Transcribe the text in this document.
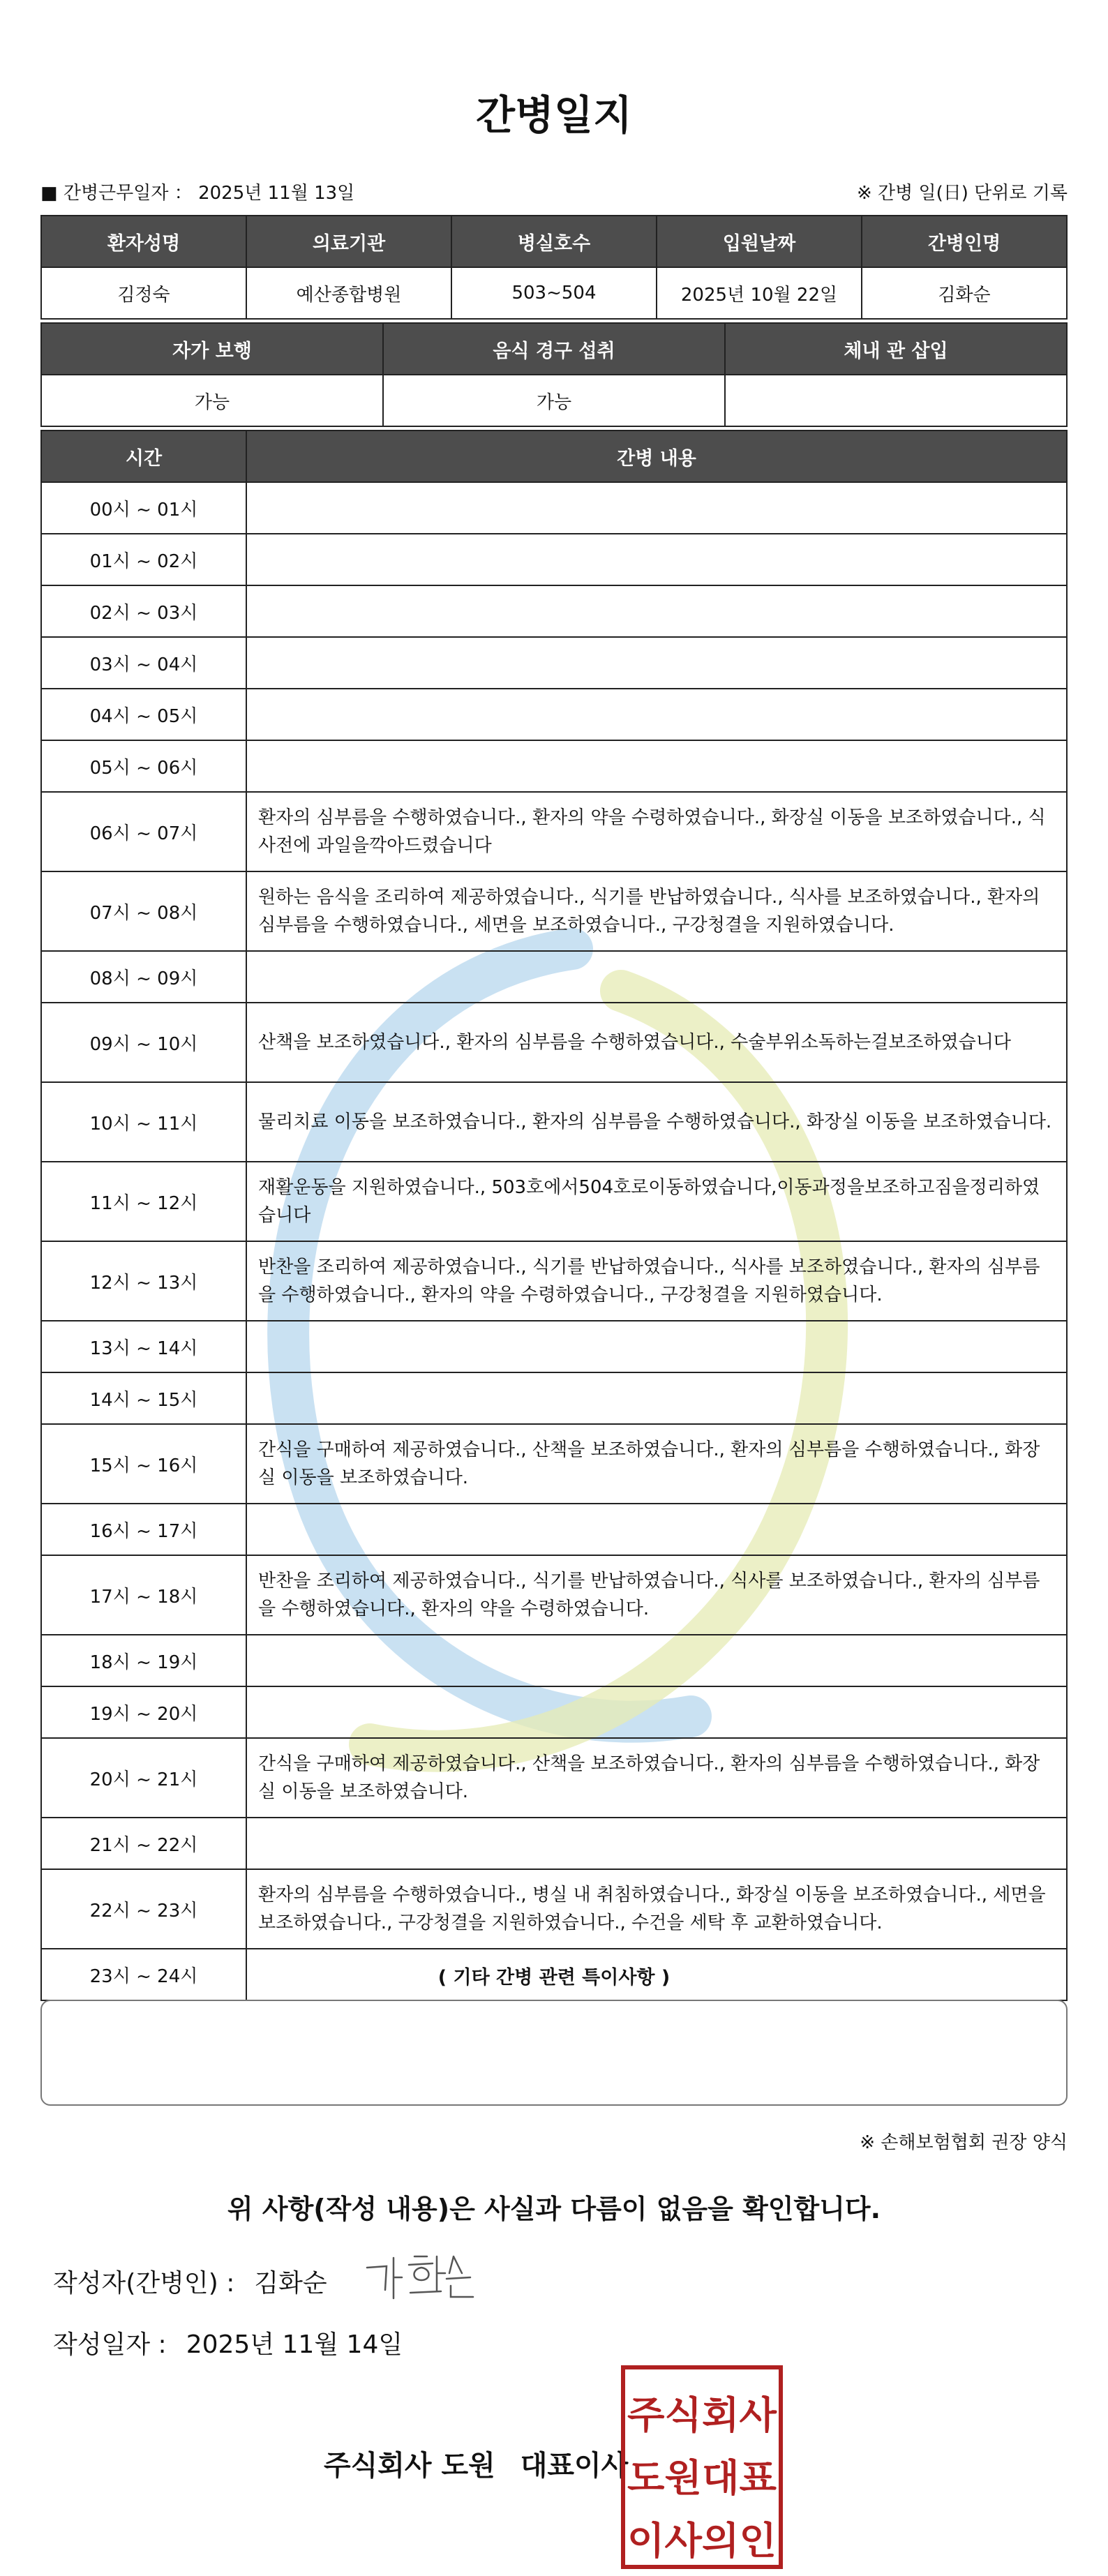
간병일지
■ 간병근무일자 ： 2025년 11월 13일	※ 간병 일(日) 단위로 기록
환자성명	의료기관	병실호수	입원날짜	간병인명
김정숙	예산종합병원	503~504	2025년 10월 22일	김화순
자가 보행	음식 경구 섭취	체내 관 삽입
가능	가능	
시간	간병 내용
00시 ~ 01시	
01시 ~ 02시	
02시 ~ 03시	
03시 ~ 04시	
04시 ~ 05시	
05시 ~ 06시	
06시 ~ 07시	환자의 심부름을 수행하였습니다., 환자의 약을 수령하였습니다., 화장실 이동을 보조하였습니다., 식사전에 과일을깍아드렸습니다
07시 ~ 08시	원하는 음식을 조리하여 제공하였습니다., 식기를 반납하였습니다., 식사를 보조하였습니다., 환자의 심부름을 수행하였습니다., 세면을 보조하였습니다., 구강청결을 지원하였습니다.
08시 ~ 09시	
09시 ~ 10시	산책을 보조하였습니다., 환자의 심부름을 수행하였습니다., 수술부위소독하는걸보조하였습니다
10시 ~ 11시	물리치료 이동을 보조하였습니다., 환자의 심부름을 수행하였습니다., 화장실 이동을 보조하였습니다.
11시 ~ 12시	재활운동을 지원하였습니다., 503호에서504호로이동하였습니다,이동과정을보조하고짐을정리하였습니다
12시 ~ 13시	반찬을 조리하여 제공하였습니다., 식기를 반납하였습니다., 식사를 보조하였습니다., 환자의 심부름을 수행하였습니다., 환자의 약을 수령하였습니다., 구강청결을 지원하였습니다.
13시 ~ 14시	
14시 ~ 15시	
15시 ~ 16시	간식을 구매하여 제공하였습니다., 산책을 보조하였습니다., 환자의 심부름을 수행하였습니다., 화장실 이동을 보조하였습니다.
16시 ~ 17시	
17시 ~ 18시	반찬을 조리하여 제공하였습니다., 식기를 반납하였습니다., 식사를 보조하였습니다., 환자의 심부름을 수행하였습니다., 환자의 약을 수령하였습니다.
18시 ~ 19시	
19시 ~ 20시	
20시 ~ 21시	간식을 구매하여 제공하였습니다., 산책을 보조하였습니다., 환자의 심부름을 수행하였습니다., 화장실 이동을 보조하였습니다.
21시 ~ 22시	
22시 ~ 23시	환자의 심부름을 수행하였습니다., 병실 내 취침하였습니다., 화장실 이동을 보조하였습니다., 세면을 보조하였습니다., 구강청결을 지원하였습니다., 수건을 세탁 후 교환하였습니다.
23시 ~ 24시		( 기타 간병 관련 특이사항 )
※ 손해보험협회 권장 양식
위 사항(작성 내용)은 사실과 다름이 없음을 확인합니다.
작성자(간병인) : 김화순
작성일자 : 2025년 11월 14일
주식회사 도원 대표이사
주식회사
도원대표
이사의인
